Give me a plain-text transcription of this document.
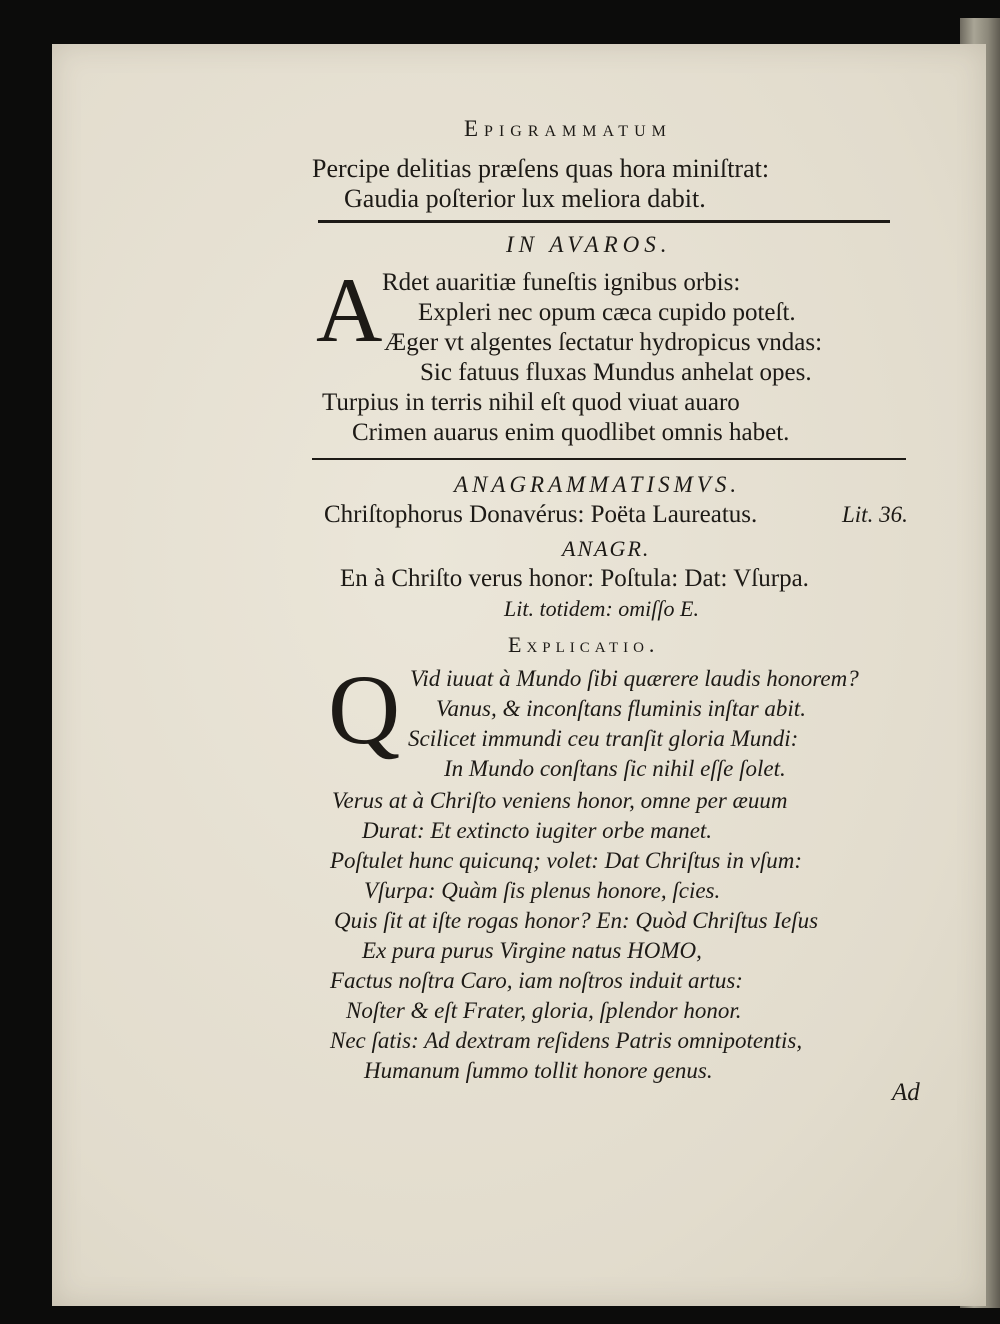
Epigrammatum
Percipe delitias præſens quas hora miniſtrat:
Gaudia poſterior lux meliora dabit.
IN AVAROS.
A Rdet auaritiæ funeſtis ignibus orbis:
Expleri nec opum cæca cupido poteſt.
Æger vt algentes ſectatur hydropicus vndas:
Sic fatuus fluxas Mundus anhelat opes.
Turpius in terris nihil eſt quod viuat auaro
Crimen auarus enim quodlibet omnis habet.
ANAGRAMMATISMVS.
Chriſtophorus Donavérus: Poëta Laureatus.	Lit. 36.
ANAGR.
En à Chriſto verus honor: Poſtula: Dat: Vſurpa.
Lit. totidem: omiſſo E.
Explicatio.
Q Vid iuuat à Mundo ſibi quærere laudis honorem?
Vanus, & inconſtans fluminis inſtar abit.
Scilicet immundi ceu tranſit gloria Mundi:
In Mundo conſtans ſic nihil eſſe ſolet.
Verus at à Chriſto veniens honor, omne per æuum
Durat: Et extincto iugiter orbe manet.
Poſtulet hunc quicunq; volet: Dat Chriſtus in vſum:
Vſurpa: Quàm ſis plenus honore, ſcies.
Quis ſit at iſte rogas honor? En: Quòd Chriſtus Ieſus
Ex pura purus Virgine natus HOMO,
Factus noſtra Caro, iam noſtros induit artus:
Noſter & eſt Frater, gloria, ſplendor honor.
Nec ſatis: Ad dextram reſidens Patris omnipotentis,
Humanum ſummo tollit honore genus.
Ad
